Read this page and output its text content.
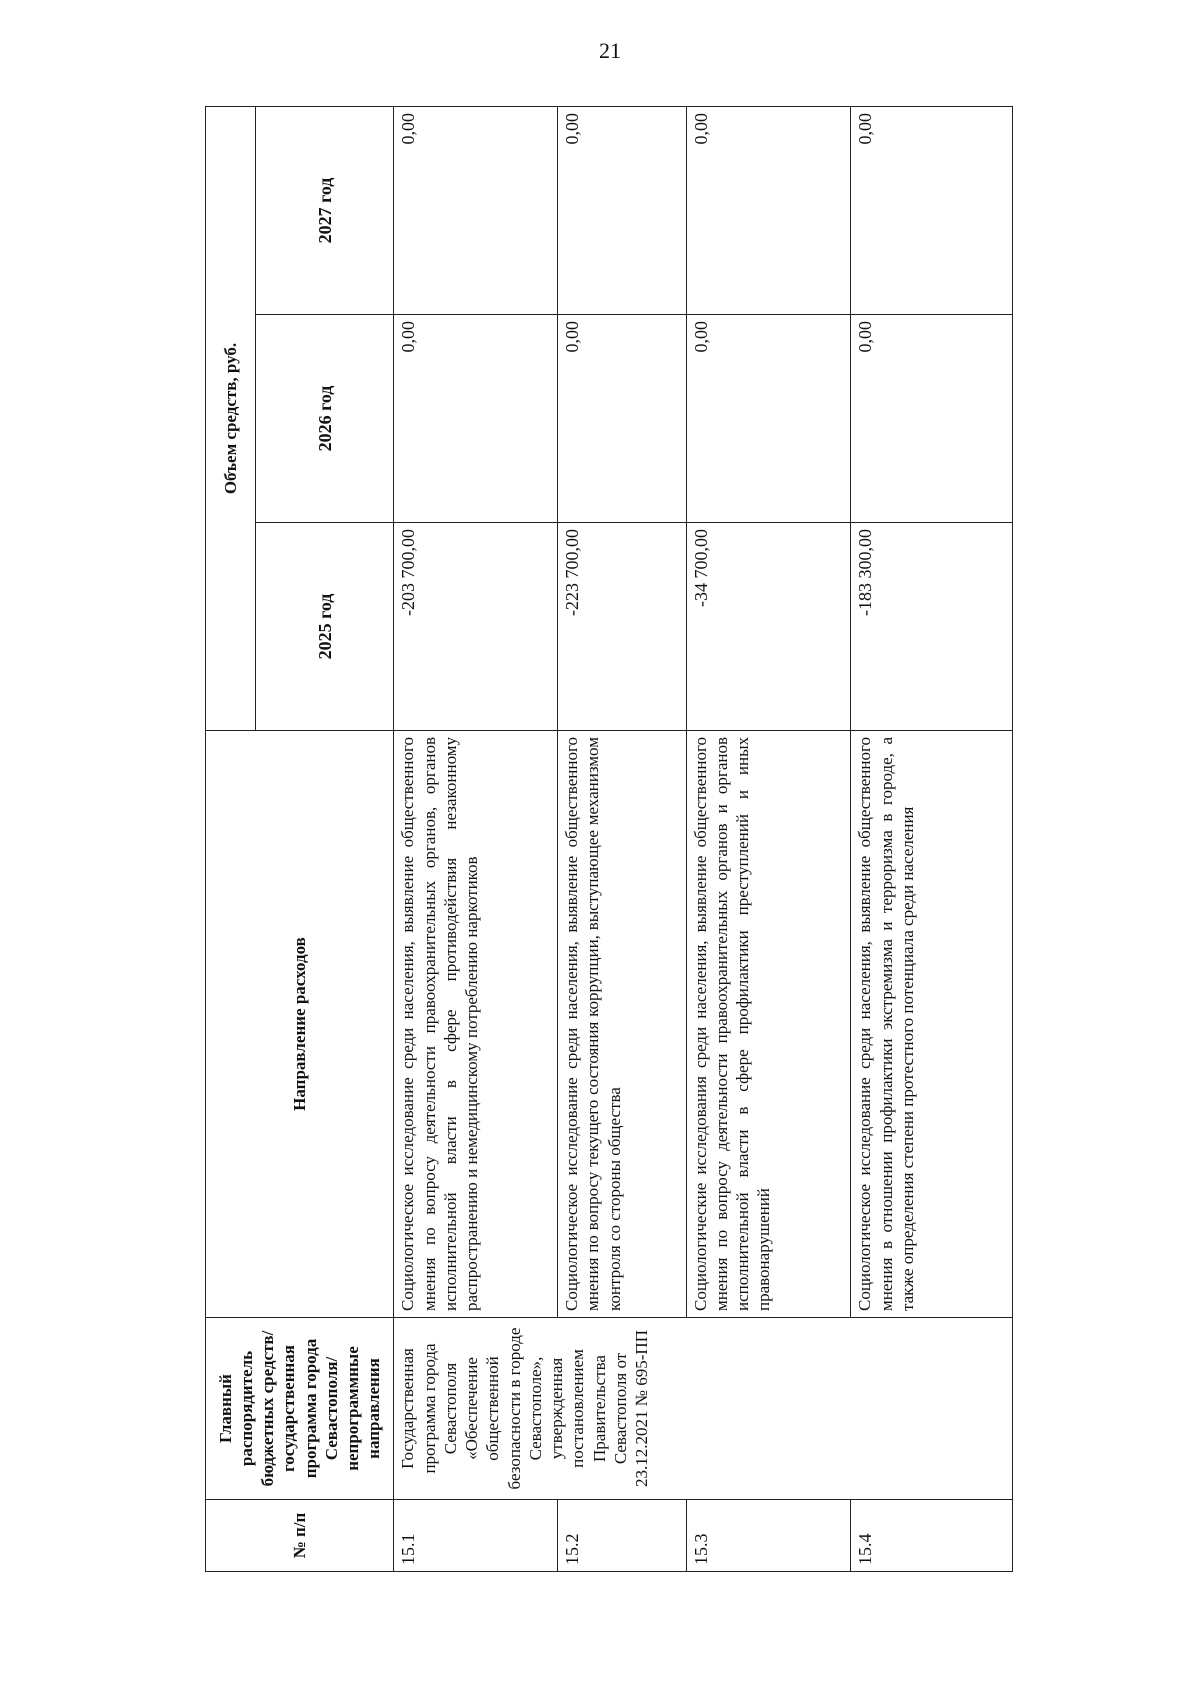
21
№ п/п	Главный распорядитель бюджетных средств/государственная программа города Севастополя/непрограммные направления	Направление расходов	Объем средств, руб.		
			2025 год	2026 год	2027 год
15.1	Государственная программа города Севастополя «Обеспечение общественной безопасности в городе Севастополе», утвержденная постановлением Правительства Севастополя от 23.12.2021 № 695-ПП	Социологическое исследование среди населения, выявление общественного мнения по вопросу деятельности правоохранительных органов, органов исполнительной власти в сфере противодействия незаконному распространению и немедицинскому потреблению наркотиков	-203 700,00	0,00	0,00
15.2		Социологическое исследование среди населения, выявление общественного мнения по вопросу текущего состояния коррупции, выступающее механизмом контроля со стороны общества	-223 700,00	0,00	0,00
15.3		Социологические исследования среди населения, выявление общественного мнения по вопросу деятельности правоохранительных органов и органов исполнительной власти в сфере профилактики преступлений и иных правонарушений	-34 700,00	0,00	0,00
15.4		Социологическое исследование среди населения, выявление общественного мнения в отношении профилактики экстремизма и терроризма в городе, а также определения степени протестного потенциала среди населения	-183 300,00	0,00	0,00
